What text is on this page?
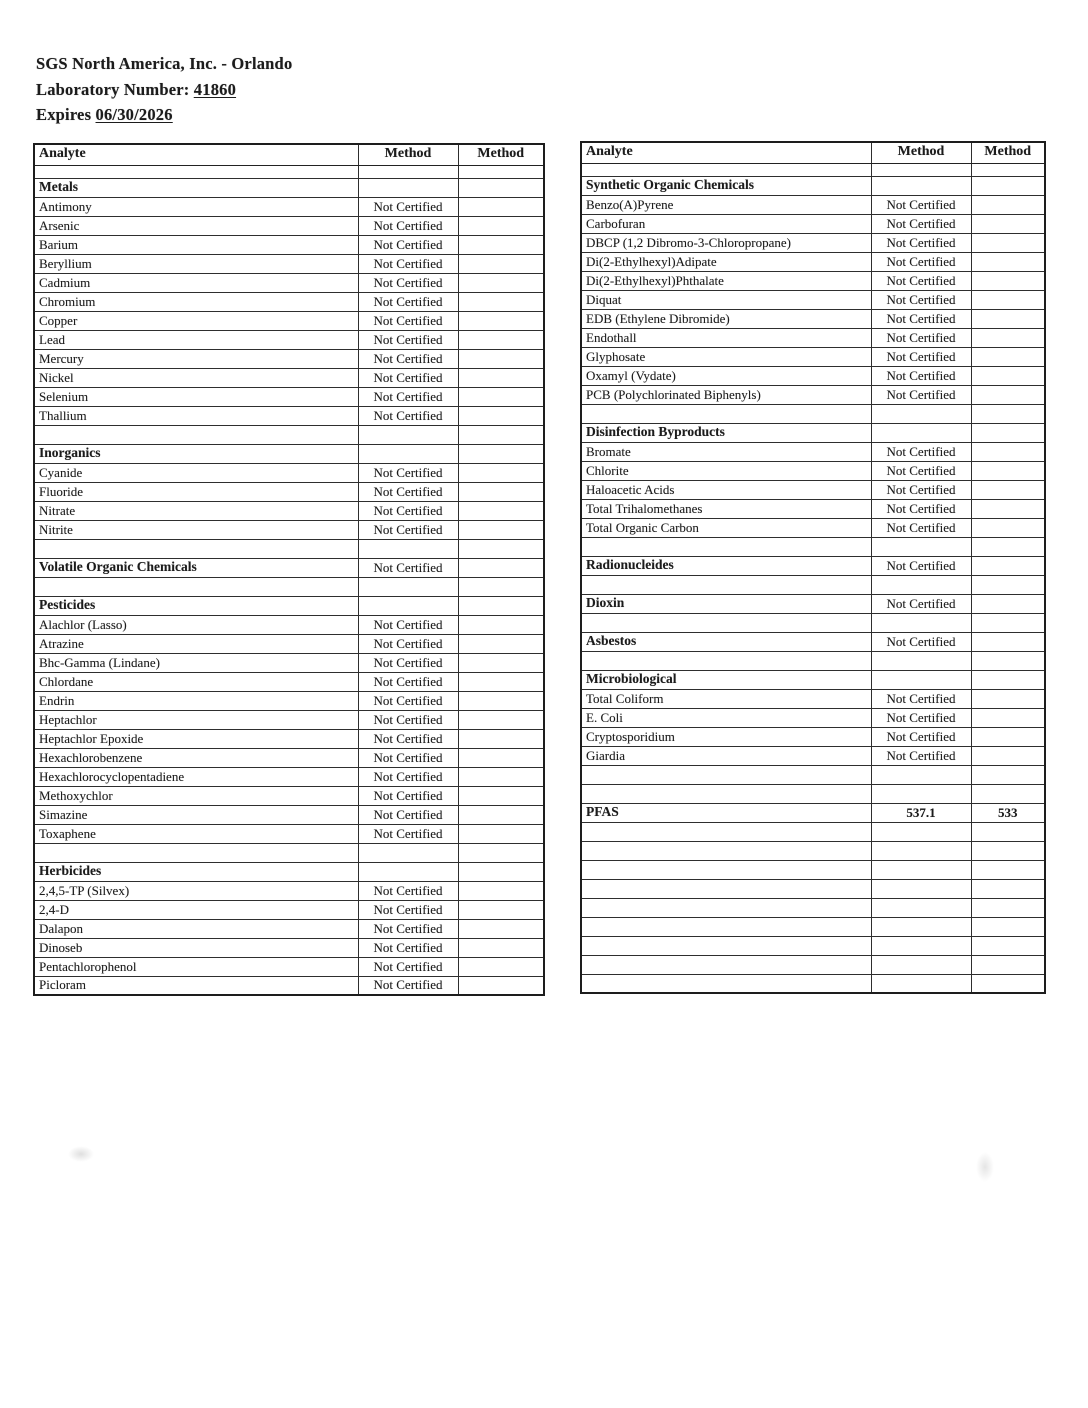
SGS North America, Inc. - Orlando
Laboratory Number: 41860
Expires 06/30/2026
Analyte	Method	Method

Metals		
Antimony	Not Certified	
Arsenic	Not Certified	
Barium	Not Certified	
Beryllium	Not Certified	
Cadmium	Not Certified	
Chromium	Not Certified	
Copper	Not Certified	
Lead	Not Certified	
Mercury	Not Certified	
Nickel	Not Certified	
Selenium	Not Certified	
Thallium	Not Certified	

Inorganics		
Cyanide	Not Certified	
Fluoride	Not Certified	
Nitrate	Not Certified	
Nitrite	Not Certified	

Volatile Organic Chemicals	Not Certified	

Pesticides		
Alachlor (Lasso)	Not Certified	
Atrazine	Not Certified	
Bhc-Gamma (Lindane)	Not Certified	
Chlordane	Not Certified	
Endrin	Not Certified	
Heptachlor	Not Certified	
Heptachlor Epoxide	Not Certified	
Hexachlorobenzene	Not Certified	
Hexachlorocyclopentadiene	Not Certified	
Methoxychlor	Not Certified	
Simazine	Not Certified	
Toxaphene	Not Certified	

Herbicides		
2,4,5-TP (Silvex)	Not Certified	
2,4-D	Not Certified	
Dalapon	Not Certified	
Dinoseb	Not Certified	
Pentachlorophenol	Not Certified	
Picloram	Not Certified	
Analyte	Method	Method

Synthetic Organic Chemicals		
Benzo(A)Pyrene	Not Certified	
Carbofuran	Not Certified	
DBCP (1,2 Dibromo-3-Chloropropane)	Not Certified	
Di(2-Ethylhexyl)Adipate	Not Certified	
Di(2-Ethylhexyl)Phthalate	Not Certified	
Diquat	Not Certified	
EDB (Ethylene Dibromide)	Not Certified	
Endothall	Not Certified	
Glyphosate	Not Certified	
Oxamyl (Vydate)	Not Certified	
PCB (Polychlorinated Biphenyls)	Not Certified	

Disinfection Byproducts		
Bromate	Not Certified	
Chlorite	Not Certified	
Haloacetic Acids	Not Certified	
Total Trihalomethanes	Not Certified	
Total Organic Carbon	Not Certified	

Radionucleides	Not Certified	

Dioxin	Not Certified	

Asbestos	Not Certified	

Microbiological		
Total Coliform	Not Certified	
E. Coli	Not Certified	
Cryptosporidium	Not Certified	
Giardia	Not Certified	

PFAS	537.1	533
